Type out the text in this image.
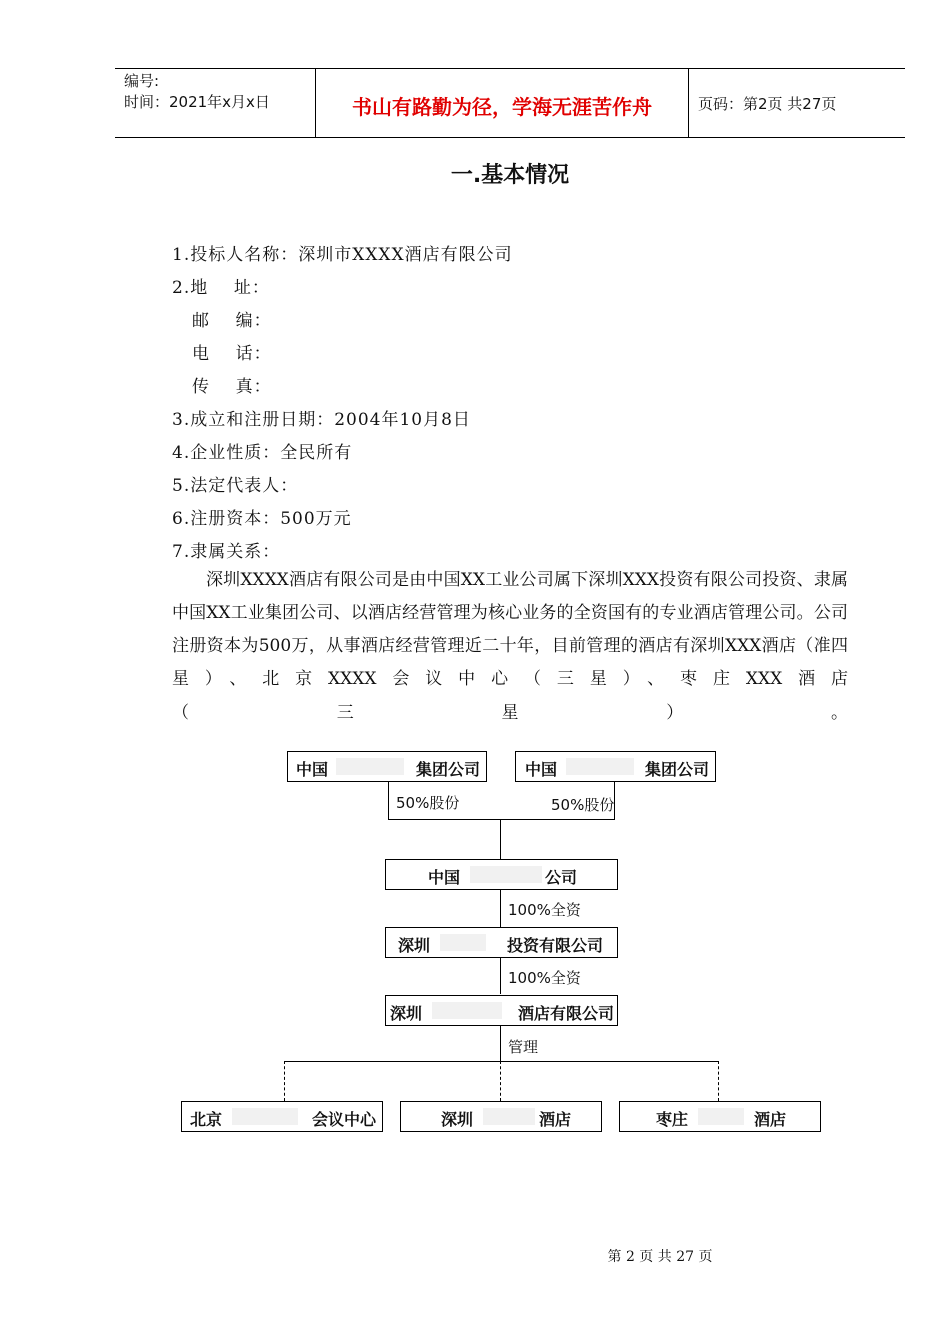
编号:
时间：2021年x月x日	书山有路勤为径，学海无涯苦作舟	页码：第2页 共27页
一.基本情况
1.投标人名称：深圳市XXXX酒店有限公司
2.地    址：
邮    编：
电    话：
传    真：
3.成立和注册日期：2004年10月8日
4.企业性质：全民所有
5.法定代表人：
6.注册资本：500万元
7.隶属关系：
深圳XXXX酒店有限公司是由中国XX工业公司属下深圳XXX投资有限公司投资、隶属中国XX工业集团公司、以酒店经营管理为核心业务的全资国有的专业酒店管理公司。公司注册资本为500万，从事酒店经营管理近二十年，目前管理的酒店有深圳XXX酒店（准四星）、北京XXXX会议中心（三星）、枣庄XXX酒店
（	三	星	）	。
中国	集团公司	中国	集团公司
50%股份	50%股份
中国	公司
100%全资
深圳	投资有限公司
100%全资
深圳	酒店有限公司
管理
北京	会议中心	深圳	酒店	枣庄	酒店
第 2 页 共 27 页
